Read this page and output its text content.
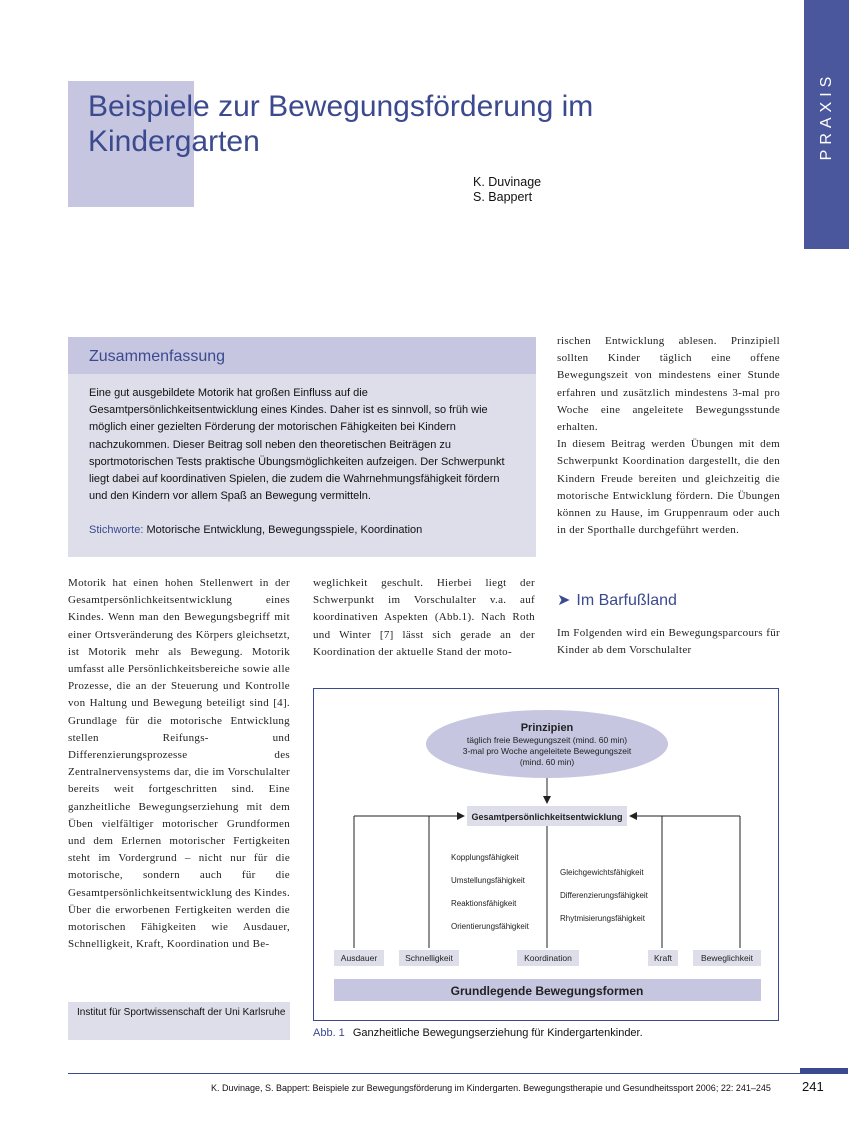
PRAXIS
Beispiele zur Bewegungsförderung im Kindergarten
K. Duvinage
S. Bappert
Zusammenfassung

Eine gut ausgebildete Motorik hat großen Einfluss auf die Gesamtpersönlichkeitsentwicklung eines Kindes. Daher ist es sinnvoll, so früh wie möglich einer gezielten Förderung der motorischen Fähigkeiten bei Kindern nachzukommen. Dieser Beitrag soll neben den theoretischen Beiträgen zu sportmotorischen Tests praktische Übungsmöglichkeiten aufzeigen. Der Schwerpunkt liegt dabei auf koordinativen Spielen, die zudem die Wahrnehmungsfähigkeit fördern und den Kindern vor allem Spaß an Bewegung vermitteln.

Stichworte: Motorische Entwicklung, Bewegungsspiele, Koordination

Motorik hat einen hohen Stellenwert in der Gesamtpersönlichkeitsentwicklung eines Kindes. Wenn man den Bewegungsbegriff mit einer Ortsveränderung des Körpers gleichsetzt, ist Motorik mehr als Bewegung. Motorik umfasst alle Persönlichkeitsbereiche sowie alle Prozesse, die an der Steuerung und Kontrolle von Haltung und Bewegung beteiligt sind [4]. Grundlage für die motorische Entwicklung stellen Reifungs- und Differenzierungsprozesse des Zentralnervensystems dar, die im Vorschulalter bereits weit fortgeschritten sind. Eine ganzheitliche Bewegungserziehung mit dem Üben vielfältiger motorischer Grundformen und dem Erlernen motorischer Fertigkeiten steht im Vordergrund – nicht nur für die motorische, sondern auch für die Gesamtpersönlichkeitsentwicklung des Kindes. Über die erworbenen Fertigkeiten werden die motorischen Fähigkeiten wie Ausdauer, Schnelligkeit, Kraft, Koordination und Be-

weglichkeit geschult. Hierbei liegt der Schwerpunkt im Vorschulalter v.a. auf koordinativen Aspekten (Abb.1). Nach Roth und Winter [7] lässt sich gerade an der Koordination der aktuelle Stand der moto-

rischen Entwicklung ablesen. Prinzipiell sollten Kinder täglich eine offene Bewegungszeit von mindestens einer Stunde erfahren und zusätzlich mindestens 3-mal pro Woche eine angeleitete Bewegungsstunde erhalten.

In diesem Beitrag werden Übungen mit dem Schwerpunkt Koordination dargestellt, die den Kindern Freude bereiten und gleichzeitig die motorische Entwicklung fördern. Die Übungen können zu Hause, im Gruppenraum oder auch in der Sporthalle durchgeführt werden.

➤ Im Barfußland

Im Folgenden wird ein Bewegungsparcours für Kinder ab dem Vorschulalter

Prinzipien
täglich freie Bewegungszeit (mind. 60 min)
3-mal pro Woche angeleitete Bewegungszeit
(mind. 60 min)
Gesamtpersönlichkeitsentwicklung
Kopplungsfähigkeit
Umstellungsfähigkeit
Reaktionsfähigkeit
Orientierungsfähigkeit
Gleichgewichtsfähigkeit
Differenzierungsfähigkeit
Rhytmisierungsfähigkeit
Ausdauer	Schnelligkeit	Koordination	Kraft	Beweglichkeit
Grundlegende Bewegungsformen
Abb. 1 Ganzheitliche Bewegungserziehung für Kindergartenkinder.
Institut für Sportwissenschaft der Uni Karlsruhe
K. Duvinage, S. Bappert: Beispiele zur Bewegungsförderung im Kindergarten. Bewegungstherapie und Gesundheitssport 2006; 22: 241–245 241
